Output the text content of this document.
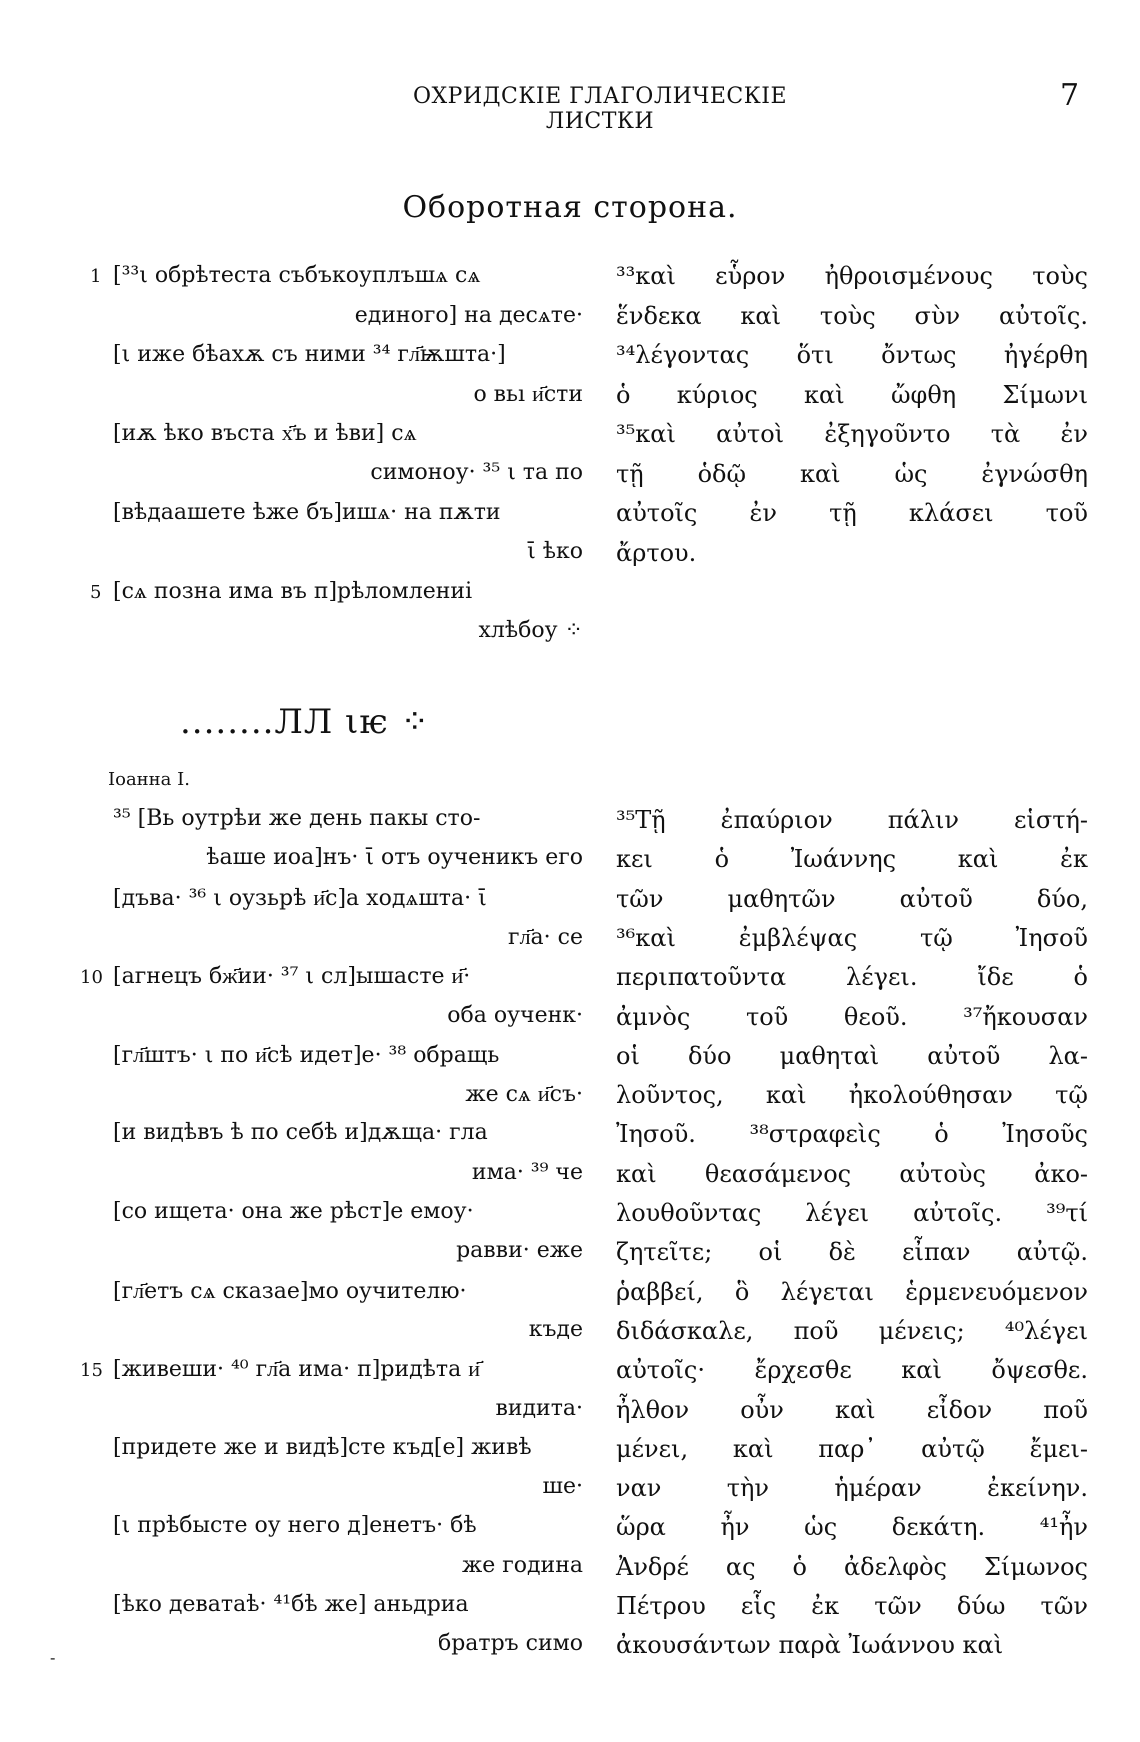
ОХРИДСКІЕ ГЛАГОЛИЧЕСКІЕ ЛИСТКИ
7
Оборотная сторона.
[³³ι обрѣтеста събъкоуплъшѧ сѧ
1
единого] на десѧте·
[ι иже бѣахѫ съ ними ³⁴ гл҃ѭшта·]
о вьı и҃сти
[иѫ ѣко въста х҃ъ и ѣви] сѧ
симоноу· ³⁵ ι та по
[вѣдаашете ѣже бъ]ишѧ· на пѫти
ῑ ѣко
[сѧ позна има въ п]рѣломлениі
5
хлѣбоу ⁘
³³καὶ εὗρον ἠθροισμένους τοὺς
ἕνδεκα καὶ τοὺς σὺν αὐτοῖς.
³⁴λέγοντας ὅτι ὄντως ἠγέρθη
ὁ κύριος καὶ ὤφθη Σίμωνι
³⁵καὶ αὐτοὶ ἐξηγοῦντο τὰ ἐν
τῇ ὁδῷ καὶ ὡς ἐγνώσθη
αὐτοῖς ἐν τῇ κλάσει τοῦ
ἄρτου.
........ЛЛ ιѥ ⁘
Іоанна I.
³⁵ [Вь оутрѣи же день пакы сто-
ѣаше иоа]нъ· ῑ отъ оученикъ его
[дъва· ³⁶ ι оузьрѣ и҃с]а ходѧшта· ῑ
гл҃а· се
[агнецъ бж҃ии· ³⁷ ι сл]ышасте и҃·
10
оба оученк·
[гл҃штъ· ι по и҃сѣ идет]е· ³⁸ обращь
же сѧ и҃съ·
[и видѣвъ ѣ по себѣ и]дѫща· гла
има· ³⁹ че
[со ищета· она же рѣст]е емоу·
равви· еже
[гл҃етъ сѧ сказае]мо оучителю·
къде
[живеши· ⁴⁰ гл҃а има· п]ридѣта и҃
15
видита·
[придете же и видѣ]сте къд[е] живѣ
ше·
[ι прѣбысте оу него д]енетъ· бѣ
же година
[ѣко деватаѣ· ⁴¹бѣ же] аньдриа
братръ симо
³⁵Τῇ ἐπαύριον πάλιν εἱστή-
κει ὁ Ἰωάννης καὶ ἐκ
τῶν μαθητῶν αὐτοῦ δύο,
³⁶καὶ ἐμβλέψας τῷ Ἰησοῦ
περιπατοῦντα λέγει. ἴδε ὁ
ἀμνὸς τοῦ θεοῦ. ³⁷ἤκουσαν
οἱ δύο μαθηταὶ αὐτοῦ λα-
λοῦντος, καὶ ἠκολούθησαν τῷ
Ἰησοῦ. ³⁸στραφεὶς ὁ Ἰησοῦς
καὶ θεασάμενος αὐτοὺς ἀκο-
λουθοῦντας λέγει αὐτοῖς. ³⁹τί
ζητεῖτε; οἱ δὲ εἶπαν αὐτῷ.
ῥαββεί, ὃ λέγεται ἑρμενευόμενον
διδάσκαλε, ποῦ μένεις; ⁴⁰λέγει
αὐτοῖς· ἔρχεσθε καὶ ὄψεσθε.
ἦλθον οὖν καὶ εἶδον ποῦ
μένει, καὶ παρ᾽ αὐτῷ ἔμει-
ναν τὴν ἡμέραν ἐκείνην.
ὥρα ἦν ὡς δεκάτη. ⁴¹ἦν
Ἀνδρέ ας ὁ ἀδελφὸς Σίμωνος
Πέτρου εἷς ἐκ τῶν δύω τῶν
ἀκουσάντων παρὰ Ἰωάννου καὶ
-
